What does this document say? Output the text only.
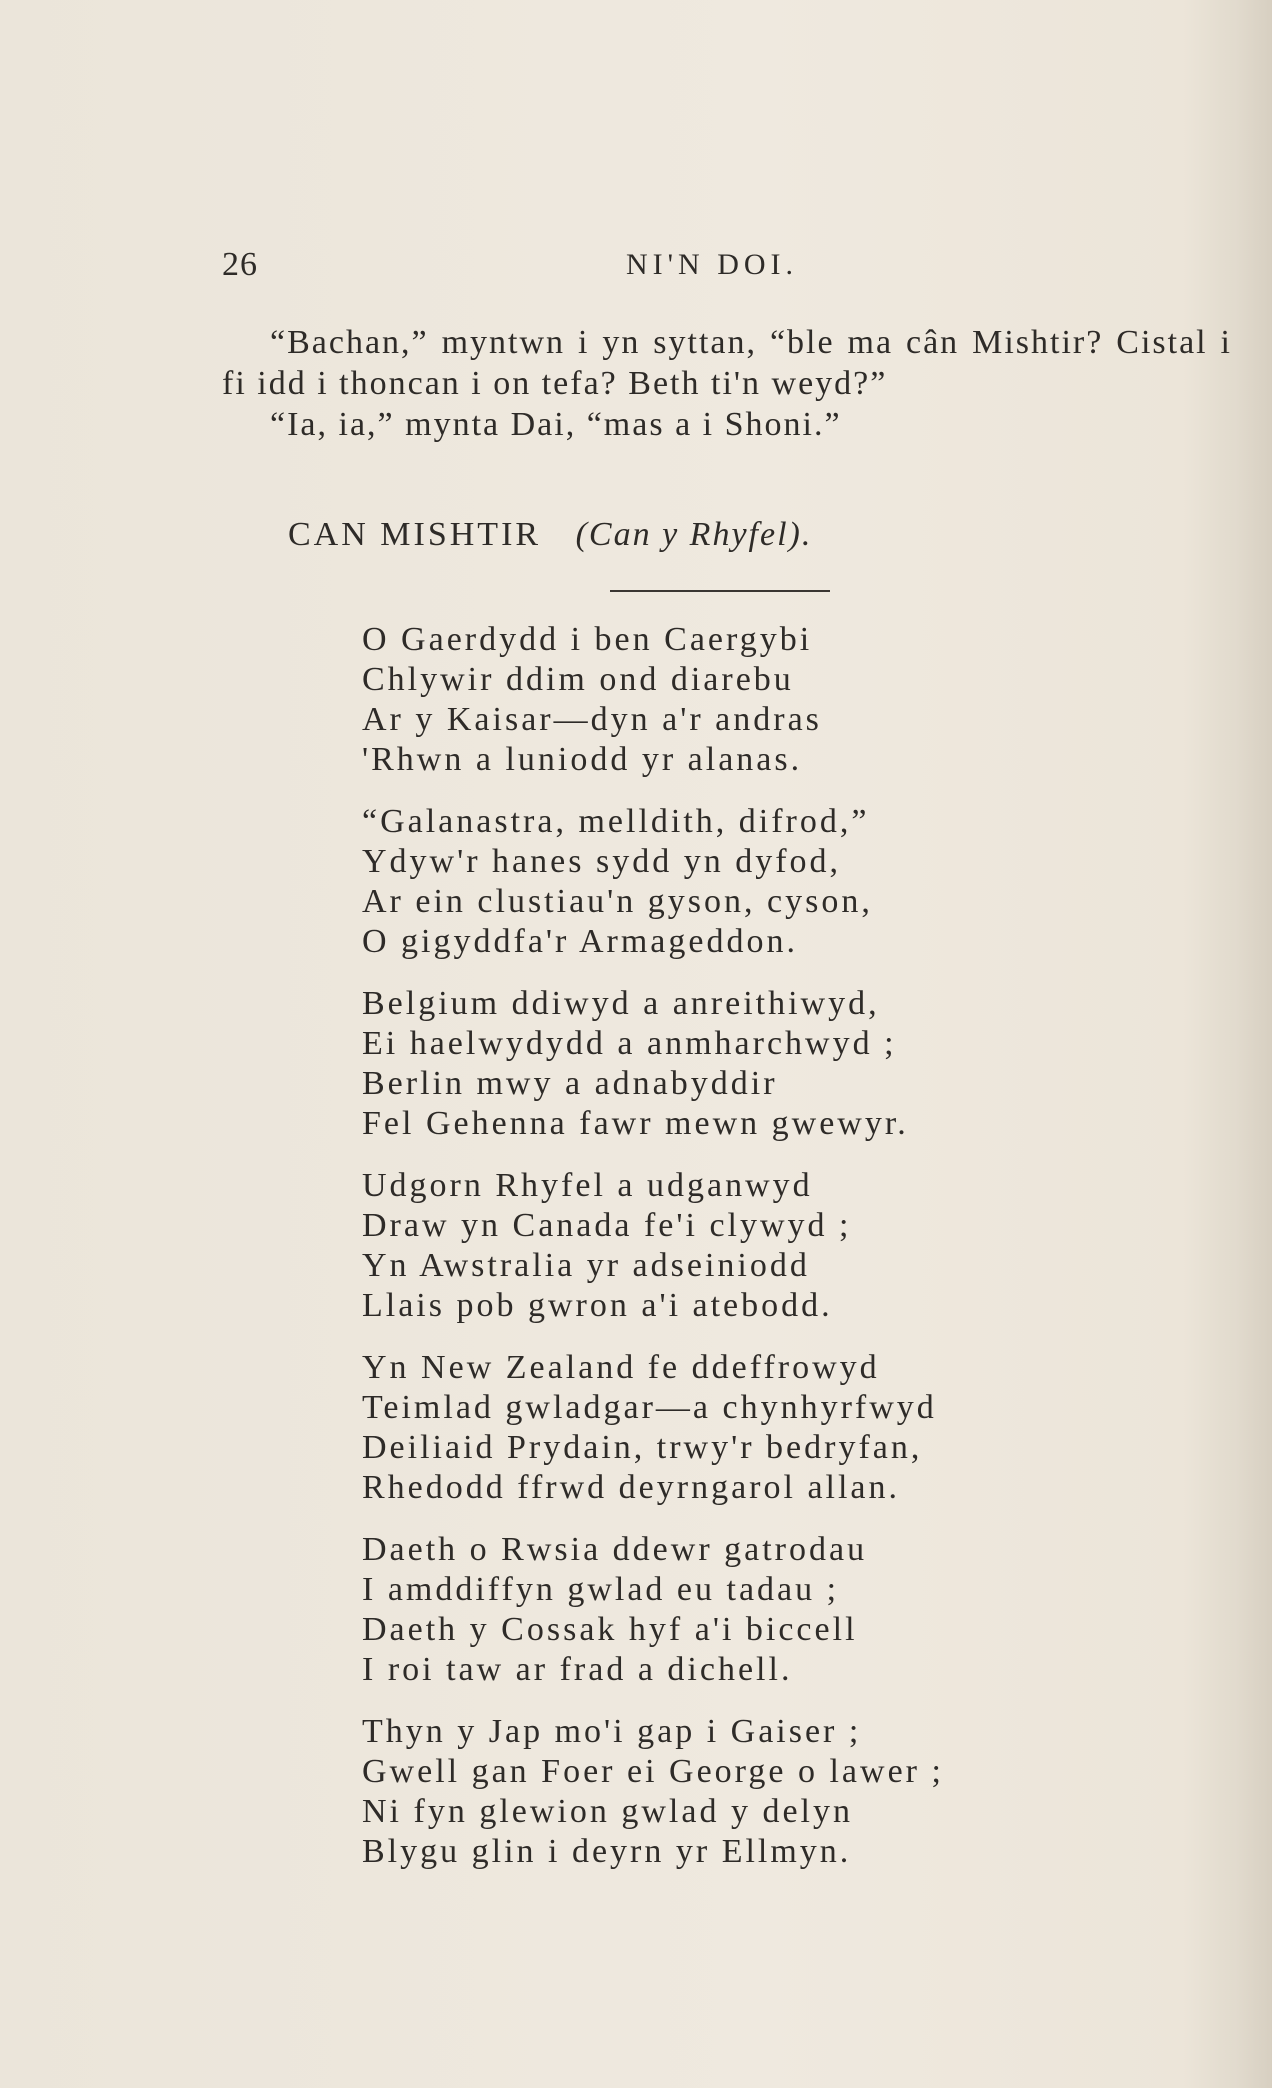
26	NI'N DOI.

“Bachan,” myntwn i yn syttan, “ble ma cân Mishtir? Cistal i fi idd i thoncan i on tefa? Beth ti'n weyd?”

“Ia, ia,” mynta Dai, “mas a i Shoni.”

CAN MISHTIR (Can y Rhyfel).
O Gaerdydd i ben Caergybi
Chlywir ddim ond diarebu
Ar y Kaisar—dyn a'r andras
'Rhwn a luniodd yr alanas.
“Galanastra, melldith, difrod,”
Ydyw'r hanes sydd yn dyfod,
Ar ein clustiau'n gyson, cyson,
O gigyddfa'r Armageddon.
Belgium ddiwyd a anreithiwyd,
Ei haelwydydd a anmharchwyd ;
Berlin mwy a adnabyddir
Fel Gehenna fawr mewn gwewyr.
Udgorn Rhyfel a udganwyd
Draw yn Canada fe'i clywyd ;
Yn Awstralia yr adseiniodd
Llais pob gwron a'i atebodd.
Yn New Zealand fe ddeffrowyd
Teimlad gwladgar—a chynhyrfwyd
Deiliaid Prydain, trwy'r bedryfan,
Rhedodd ffrwd deyrngarol allan.
Daeth o Rwsia ddewr gatrodau
I amddiffyn gwlad eu tadau ;
Daeth y Cossak hyf a'i biccell
I roi taw ar frad a dichell.
Thyn y Jap mo'i gap i Gaiser ;
Gwell gan Foer ei George o lawer ;
Ni fyn glewion gwlad y delyn
Blygu glin i deyrn yr Ellmyn.
